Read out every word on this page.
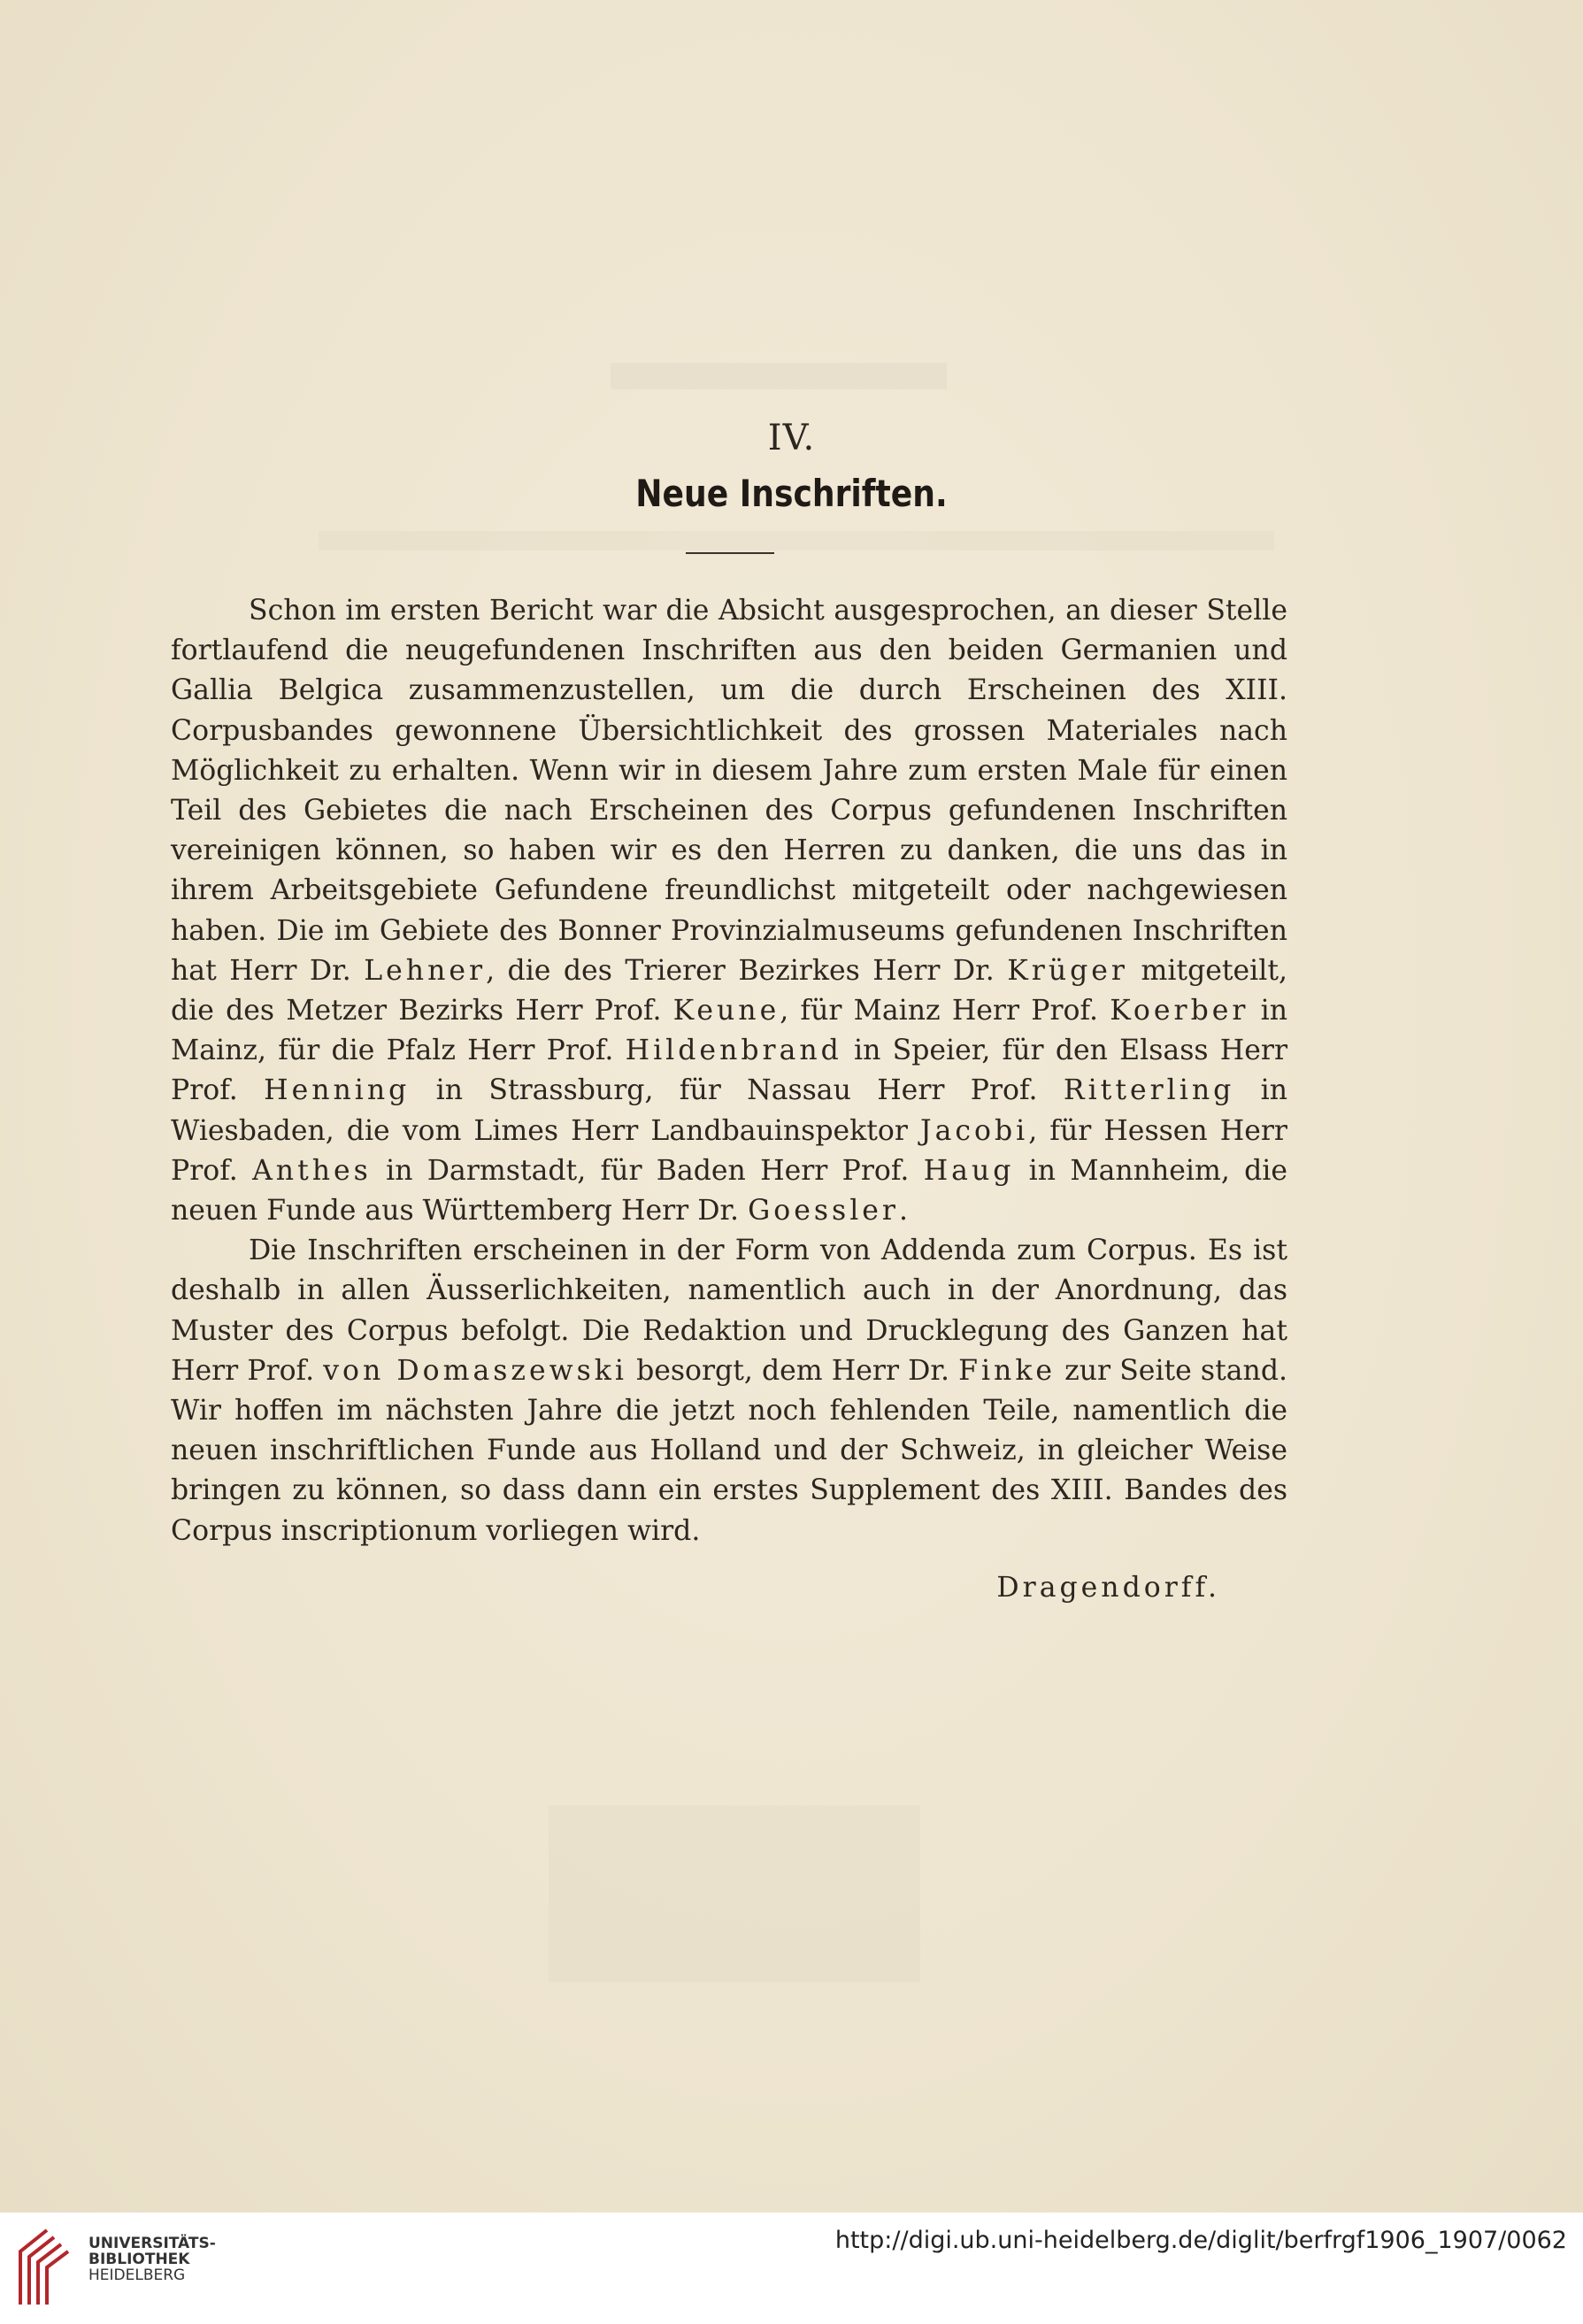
IV.
Neue Inschriften.

Schon im ersten Bericht war die Absicht ausgesprochen, an dieser Stelle fortlaufend die neugefundenen Inschriften aus den beiden Germanien und Gallia Belgica zusammenzustellen, um die durch Erscheinen des XIII. Corpusbandes gewonnene Übersichtlichkeit des grossen Materiales nach Möglichkeit zu erhalten. Wenn wir in diesem Jahre zum ersten Male für einen Teil des Gebietes die nach Erscheinen des Corpus gefundenen Inschriften vereinigen können, so haben wir es den Herren zu danken, die uns das in ihrem Arbeitsgebiete Gefundene freundlichst mitgeteilt oder nachgewiesen haben. Die im Gebiete des Bonner Provinzialmuseums gefundenen Inschriften hat Herr Dr. Lehner, die des Trierer Bezirkes Herr Dr. Krüger mitgeteilt, die des Metzer Bezirks Herr Prof. Keune, für Mainz Herr Prof. Koerber in Mainz, für die Pfalz Herr Prof. Hildenbrand in Speier, für den Elsass Herr Prof. Henning in Strassburg, für Nassau Herr Prof. Ritterling in Wiesbaden, die vom Limes Herr Landbauinspektor Jacobi, für Hessen Herr Prof. Anthes in Darmstadt, für Baden Herr Prof. Haug in Mannheim, die neuen Funde aus Württemberg Herr Dr. Goessler.

Die Inschriften erscheinen in der Form von Addenda zum Corpus. Es ist deshalb in allen Äusserlichkeiten, namentlich auch in der Anordnung, das Muster des Corpus befolgt. Die Redaktion und Drucklegung des Ganzen hat Herr Prof. von Domaszewski besorgt, dem Herr Dr. Finke zur Seite stand. Wir hoffen im nächsten Jahre die jetzt noch fehlenden Teile, namentlich die neuen inschriftlichen Funde aus Holland und der Schweiz, in gleicher Weise bringen zu können, so dass dann ein erstes Supplement des XIII. Bandes des Corpus inscriptionum vorliegen wird.

Dragendorff.
UNIVERSITÄTS-
BIBLIOTHEK
HEIDELBERG
http://digi.ub.uni-heidelberg.de/diglit/berfrgf1906_1907/0062
